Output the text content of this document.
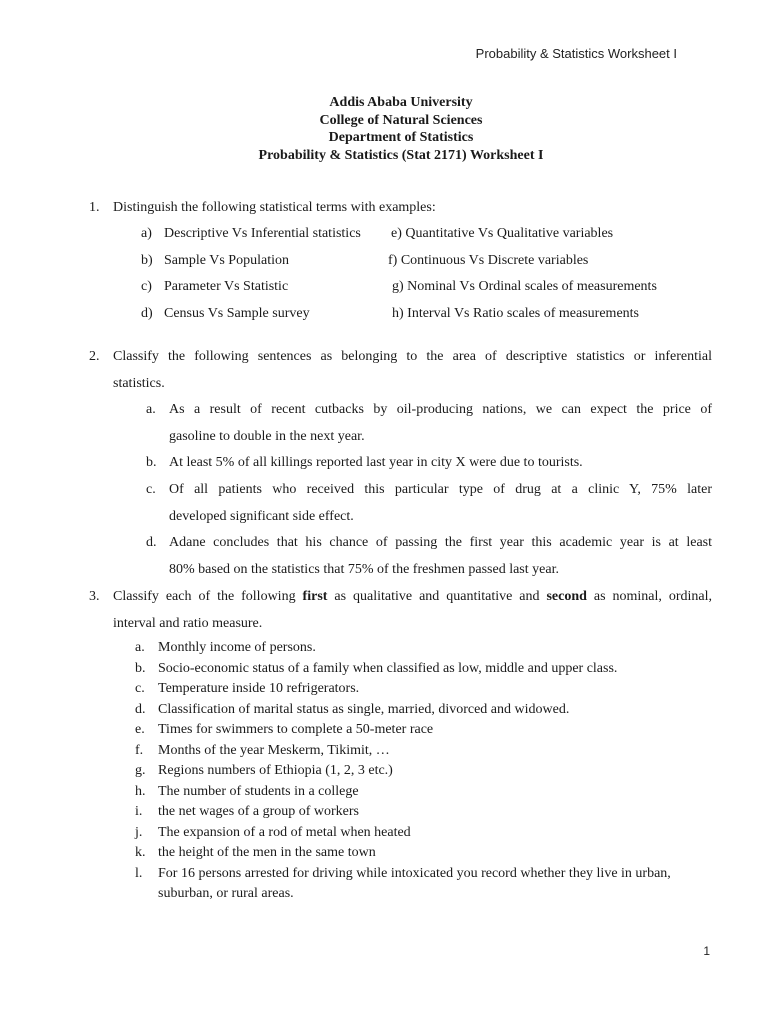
Probability & Statistics Worksheet I
Addis Ababa University
College of Natural Sciences
Department of Statistics
Probability & Statistics (Stat 2171) Worksheet I
1. Distinguish the following statistical terms with examples:
a) Descriptive Vs Inferential statistics e) Quantitative Vs Qualitative variables
b) Sample Vs Population	f) Continuous Vs Discrete variables
c) Parameter Vs Statistic	g) Nominal Vs Ordinal scales of measurements
d) Census Vs Sample survey	h) Interval Vs Ratio scales of measurements
2. Classify the following sentences as belonging to the area of descriptive statistics or inferential
statistics.
a. As a result of recent cutbacks by oil-producing nations, we can expect the price of
gasoline to double in the next year.
b. At least 5% of all killings reported last year in city X were due to tourists.
c. Of all patients who received this particular type of drug at a clinic Y, 75% later
developed significant side effect.
d. Adane concludes that his chance of passing the first year this academic year is at least
80% based on the statistics that 75% of the freshmen passed last year.
3. Classify each of the following first as qualitative and quantitative and second as nominal, ordinal,
interval and ratio measure.
a. Monthly income of persons.
b. Socio-economic status of a family when classified as low, middle and upper class.
c. Temperature inside 10 refrigerators.
d. Classification of marital status as single, married, divorced and widowed.
e. Times for swimmers to complete a 50-meter race
f.	Months of the year Meskerm, Tikimit, …
g. Regions numbers of Ethiopia (1, 2, 3 etc.)
h. The number of students in a college
i.	the net wages of a group of workers
j.	The expansion of a rod of metal when heated
k. the height of the men in the same town
l.	For 16 persons arrested for driving while intoxicated you record whether they live in urban,
suburban, or rural areas.
1
